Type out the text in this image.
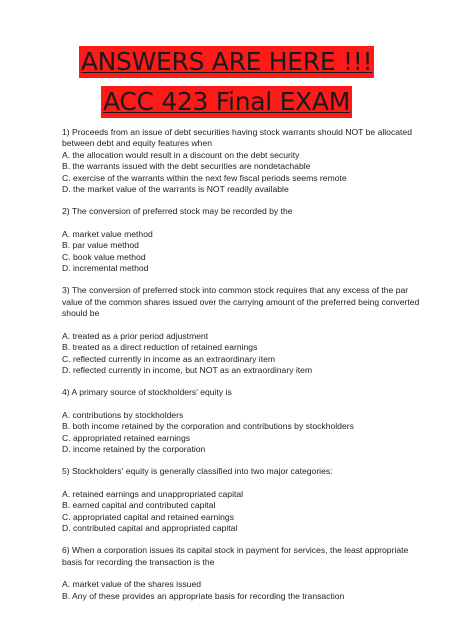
ANSWERS ARE HERE !!!
ACC 423 Final EXAM

1) Proceeds from an issue of debt securities having stock warrants should NOT be allocated between debt and equity features when

A. the allocation would result in a discount on the debt security

B. the warrants issued with the debt securities are nondetachable

C. exercise of the warrants within the next few fiscal periods seems remote

D. the market value of the warrants is NOT readily available

2) The conversion of preferred stock may be recorded by the

A. market value method

B. par value method

C. book value method

D. incremental method

3) The conversion of preferred stock into common stock requires that any excess of the par value of the common shares issued over the carrying amount of the preferred being converted should be

A. treated as a prior period adjustment

B. treated as a direct reduction of retained earnings

C. reflected currently in income as an extraordinary item

D. reflected currently in income, but NOT as an extraordinary item

4) A primary source of stockholders' equity is

A. contributions by stockholders

B. both income retained by the corporation and contributions by stockholders

C. appropriated retained earnings

D. income retained by the corporation

5) Stockholders' equity is generally classified into two major categories:

A. retained earnings and unappropriated capital

B. earned capital and contributed capital

C. appropriated capital and retained earnings

D. contributed capital and appropriated capital

6) When a corporation issues its capital stock in payment for services, the least appropriate basis for recording the transaction is the

A. market value of the shares issued

B. Any of these provides an appropriate basis for recording the transaction
